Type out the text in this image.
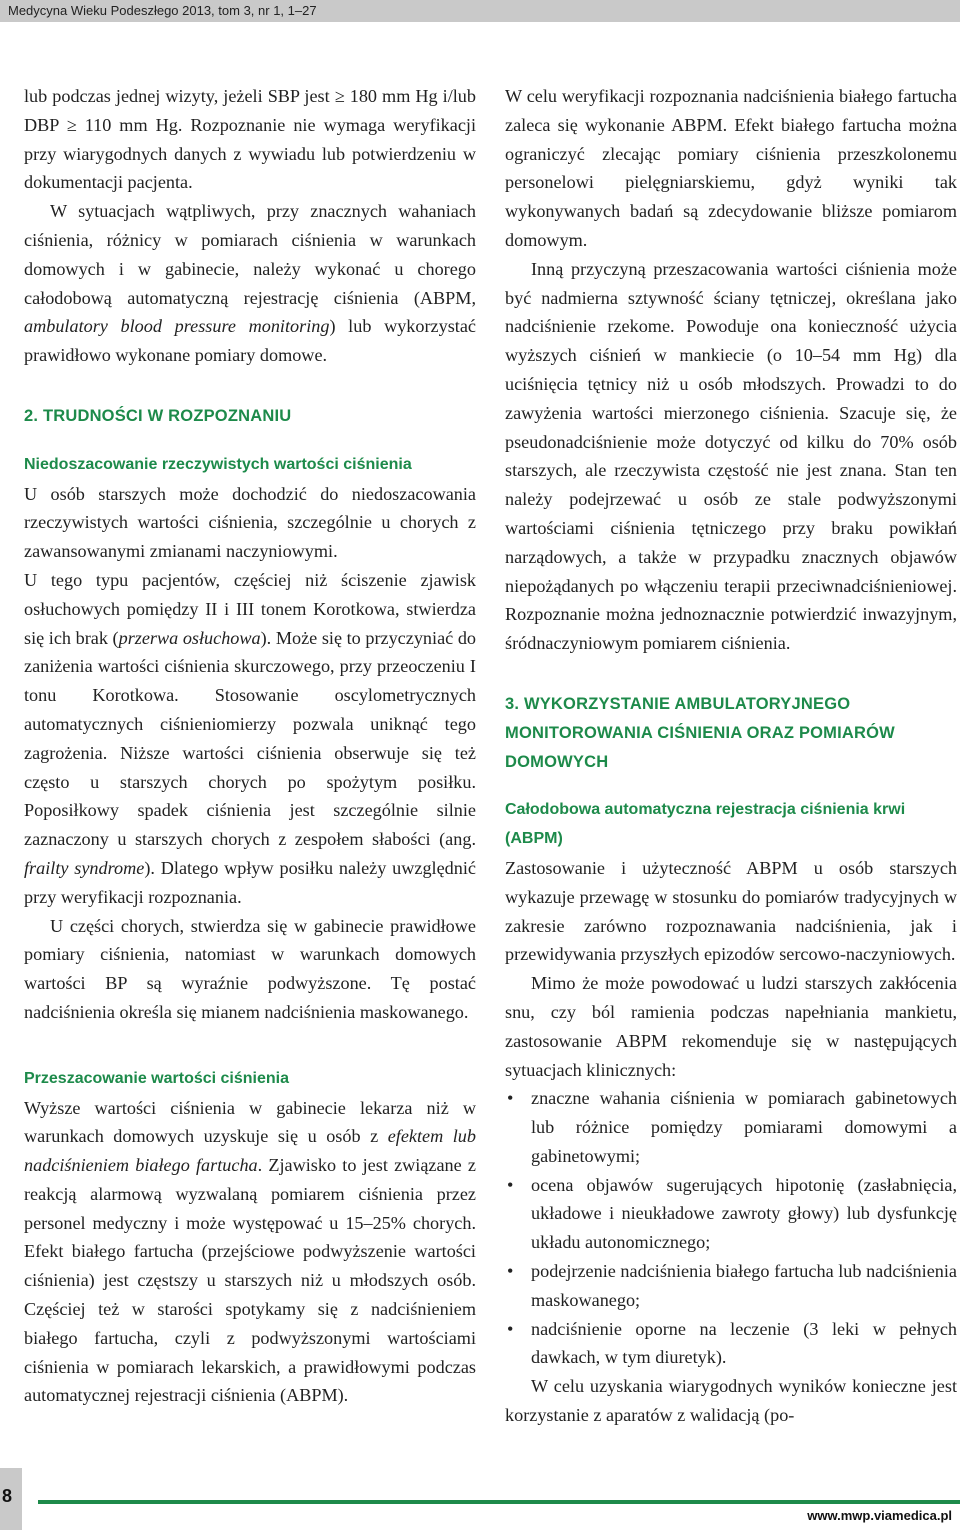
Medycyna Wieku Podeszłego 2013, tom 3, nr 1, 1–27

lub podczas jednej wizyty, jeżeli SBP jest ≥ 180 mm Hg i/lub DBP ≥ 110 mm Hg. Rozpoznanie nie wymaga weryfikacji przy wiarygodnych danych z wywiadu lub potwierdzeniu w dokumentacji pacjenta.

W sytuacjach wątpliwych, przy znacznych wahaniach ciśnienia, różnicy w pomiarach ciśnienia w warunkach domowych i w gabinecie, należy wykonać u chorego całodobową automatyczną rejestrację ciśnienia (ABPM, ambulatory blood pressure monitoring) lub wykorzystać prawidłowo wykonane pomiary domowe.

2. TRUDNOŚCI W ROZPOZNANIU
Niedoszacowanie rzeczywistych wartości ciśnienia

U osób starszych może dochodzić do niedoszacowania rzeczywistych wartości ciśnienia, szczególnie u chorych z zawansowanymi zmianami naczyniowymi.

U tego typu pacjentów, częściej niż ściszenie zjawisk osłuchowych pomiędzy II i III tonem Korotkowa, stwierdza się ich brak (przerwa osłuchowa). Może się to przyczyniać do zaniżenia wartości ciśnienia skurczowego, przy przeoczeniu I tonu Korotkowa. Stosowanie oscylometrycznych automatycznych ciśnieniomierzy pozwala uniknąć tego zagrożenia. Niższe wartości ciśnienia obserwuje się też często u starszych chorych po spożytym posiłku. Poposiłkowy spadek ciśnienia jest szczególnie silnie zaznaczony u starszych chorych z zespołem słabości (ang. frailty syndrome). Dlatego wpływ posiłku należy uwzględnić przy weryfikacji rozpoznania.

U części chorych, stwierdza się w gabinecie prawidłowe pomiary ciśnienia, natomiast w warunkach domowych wartości BP są wyraźnie podwyższone. Tę postać nadciśnienia określa się mianem nadciśnienia maskowanego.

Przeszacowanie wartości ciśnienia

Wyższe wartości ciśnienia w gabinecie lekarza niż w warunkach domowych uzyskuje się u osób z efektem lub nadciśnieniem białego fartucha. Zjawisko to jest związane z reakcją alarmową wyzwalaną pomiarem ciśnienia przez personel medyczny i może występować u 15–25% chorych. Efekt białego fartucha (przejściowe podwyższenie wartości ciśnienia) jest częstszy u starszych niż u młodszych osób. Częściej też w starości spotykamy się z nadciśnieniem białego fartucha, czyli z podwyższonymi wartościami ciśnienia w pomiarach lekarskich, a prawidłowymi podczas automatycznej rejestracji ciśnienia (ABPM).

W celu weryfikacji rozpoznania nadciśnienia białego fartucha zaleca się wykonanie ABPM. Efekt białego fartucha można ograniczyć zlecając pomiary ciśnienia przeszkolonemu personelowi pielęgniarskiemu, gdyż wyniki tak wykonywanych badań są zdecydowanie bliższe pomiarom domowym.

Inną przyczyną przeszacowania wartości ciśnienia może być nadmierna sztywność ściany tętniczej, określana jako nadciśnienie rzekome. Powoduje ona konieczność użycia wyższych ciśnień w mankiecie (o 10–54 mm Hg) dla uciśnięcia tętnicy niż u osób młodszych. Prowadzi to do zawyżenia wartości mierzonego ciśnienia. Szacuje się, że pseudonadciśnienie może dotyczyć od kilku do 70% osób starszych, ale rzeczywista częstość nie jest znana. Stan ten należy podejrzewać u osób ze stale podwyższonymi wartościami ciśnienia tętniczego przy braku powikłań narządowych, a także w przypadku znacznych objawów niepożądanych po włączeniu terapii przeciwnadciśnieniowej. Rozpoznanie można jednoznacznie potwierdzić inwazyjnym, śródnaczyniowym pomiarem ciśnienia.

3. WYKORZYSTANIE AMBULATORYJNEGO MONITOROWANIA CIŚNIENIA ORAZ POMIARÓW DOMOWYCH
Całodobowa automatyczna rejestracja ciśnienia krwi (ABPM)

Zastosowanie i użyteczność ABPM u osób starszych wykazuje przewagę w stosunku do pomiarów tradycyjnych w zakresie zarówno rozpoznawania nadciśnienia, jak i przewidywania przyszłych epizodów sercowo-naczyniowych.

Mimo że może powodować u ludzi starszych zakłócenia snu, czy ból ramienia podczas napełniania mankietu, zastosowanie ABPM rekomenduje się w następujących sytuacjach klinicznych:

• znaczne wahania ciśnienia w pomiarach gabinetowych lub różnice pomiędzy pomiarami domowymi a gabinetowymi;
• ocena objawów sugerujących hipotonię (zasłabnięcia, układowe i nieukładowe zawroty głowy) lub dysfunkcję układu autonomicznego;
• podejrzenie nadciśnienia białego fartucha lub nadciśnienia maskowanego;
• nadciśnienie oporne na leczenie (3 leki w pełnych dawkach, w tym diuretyk).

W celu uzyskania wiarygodnych wyników konieczne jest korzystanie z aparatów z walidacją (po-

8
www.mwp.viamedica.pl
